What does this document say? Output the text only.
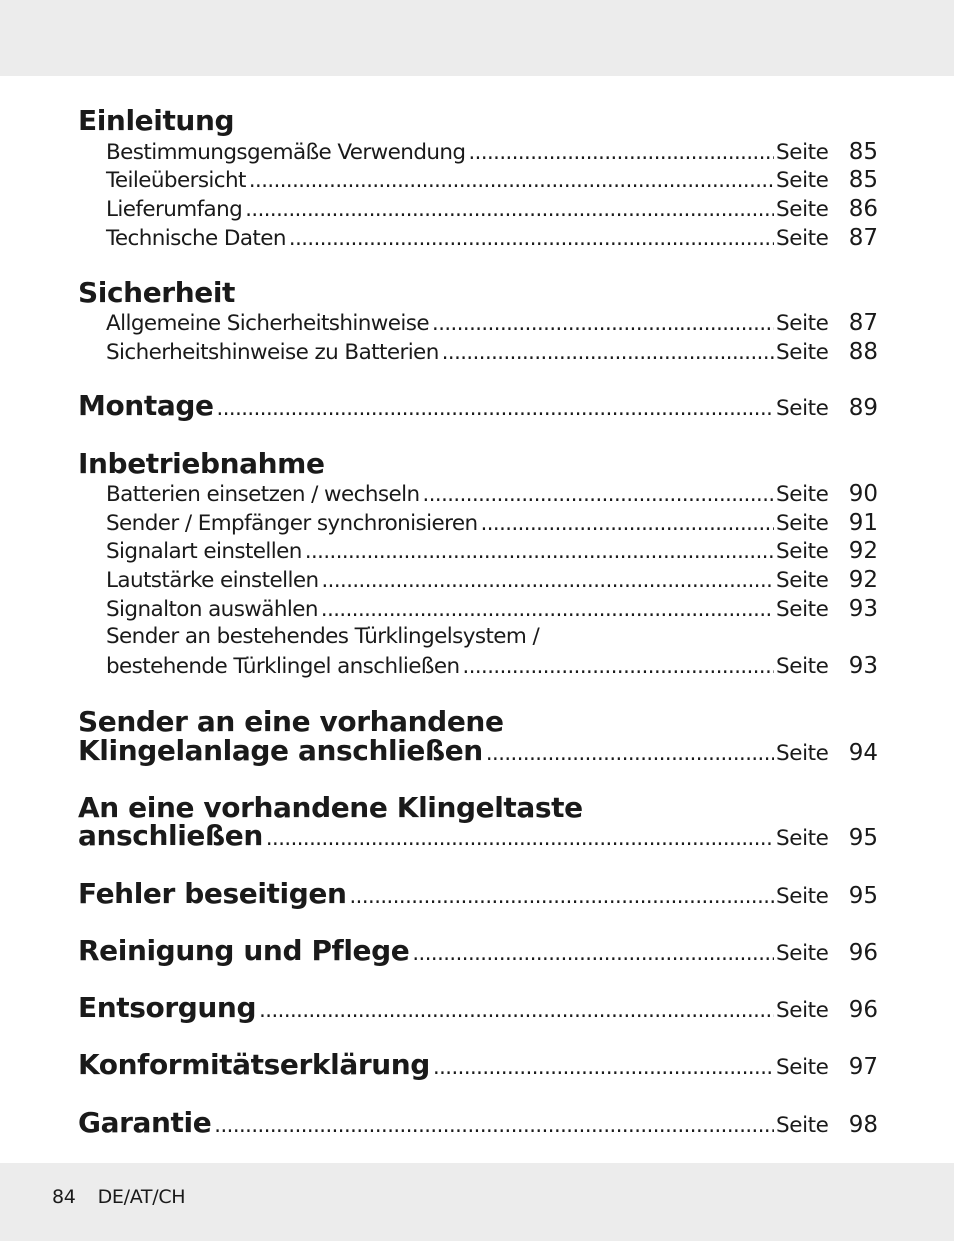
Einleitung
Bestimmungsgemäße Verwendung .....	Seite 85
Teileübersicht .....	Seite 85
Lieferumfang .....	Seite 86
Technische Daten .....	Seite 87
Sicherheit
Allgemeine Sicherheitshinweise .....	Seite 87
Sicherheitshinweise zu Batterien .....	Seite 88
Montage .....	Seite 89
Inbetriebnahme
Batterien einsetzen / wechseln .....	Seite 90
Sender / Empfänger synchronisieren .....	Seite 91
Signalart einstellen .....	Seite 92
Lautstärke einstellen .....	Seite 92
Signalton auswählen .....	Seite 93
Sender an bestehendes Türklingelsystem /
bestehende Türklingel anschließen .....	Seite 93
Sender an eine vorhandene
Klingelanlage anschließen .....	Seite 94
An eine vorhandene Klingeltaste
anschließen .....	Seite 95
Fehler beseitigen .....	Seite 95
Reinigung und Pflege .....	Seite 96
Entsorgung .....	Seite 96
Konformitätserklärung .....	Seite 97
Garantie .....	Seite 98
84 DE/AT/CH
